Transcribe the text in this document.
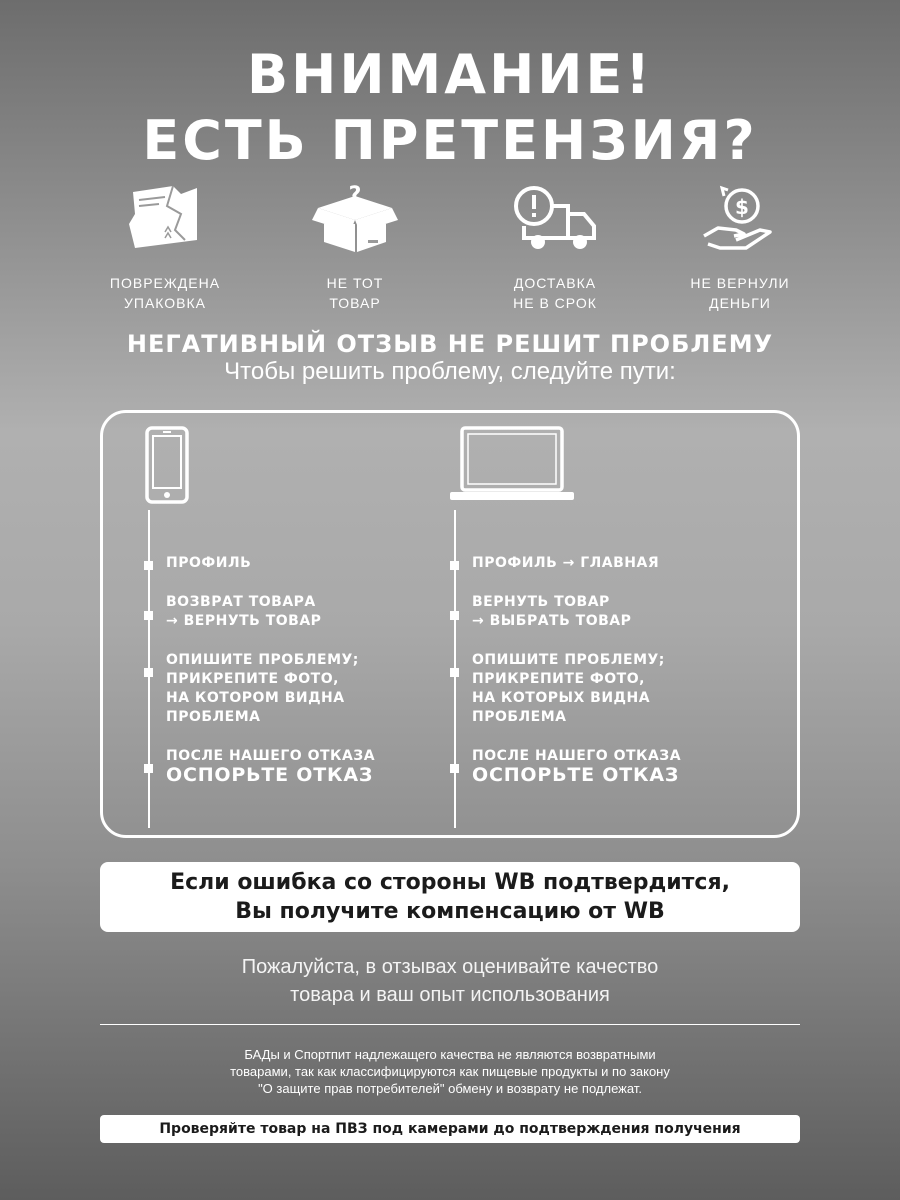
ВНИМАНИЕ!
ЕСТЬ ПРЕТЕНЗИЯ?
?	$
ПОВРЕЖДЕНА
УПАКОВКА
НЕ ТОТ
ТОВАР
ДОСТАВКА
НЕ В СРОК
НЕ ВЕРНУЛИ
ДЕНЬГИ
НЕГАТИВНЫЙ ОТЗЫВ НЕ РЕШИТ ПРОБЛЕМУ
Чтобы решить проблему, следуйте пути:
ПРОФИЛЬ
ВОЗВРАТ ТОВАРА
→ ВЕРНУТЬ ТОВАР
ОПИШИТЕ ПРОБЛЕМУ;
ПРИКРЕПИТЕ ФОТО,
НА КОТОРОМ ВИДНА
ПРОБЛЕМА
ПОСЛЕ НАШЕГО ОТКАЗА
ОСПОРЬТЕ ОТКАЗ
ПРОФИЛЬ → ГЛАВНАЯ
ВЕРНУТЬ ТОВАР
→ ВЫБРАТЬ ТОВАР
ОПИШИТЕ ПРОБЛЕМУ;
ПРИКРЕПИТЕ ФОТО,
НА КОТОРЫХ ВИДНА
ПРОБЛЕМА
ПОСЛЕ НАШЕГО ОТКАЗА
ОСПОРЬТЕ ОТКАЗ
Если ошибка со стороны WB подтвердится,
Вы получите компенсацию от WB
Пожалуйста, в отзывах оценивайте качество
товара и ваш опыт использования
БАДы и Спортпит надлежащего качества не являются возвратными
товарами, так как классифицируются как пищевые продукты и по закону
"О защите прав потребителей" обмену и возврату не подлежат.
Проверяйте товар на ПВЗ под камерами до подтверждения получения
